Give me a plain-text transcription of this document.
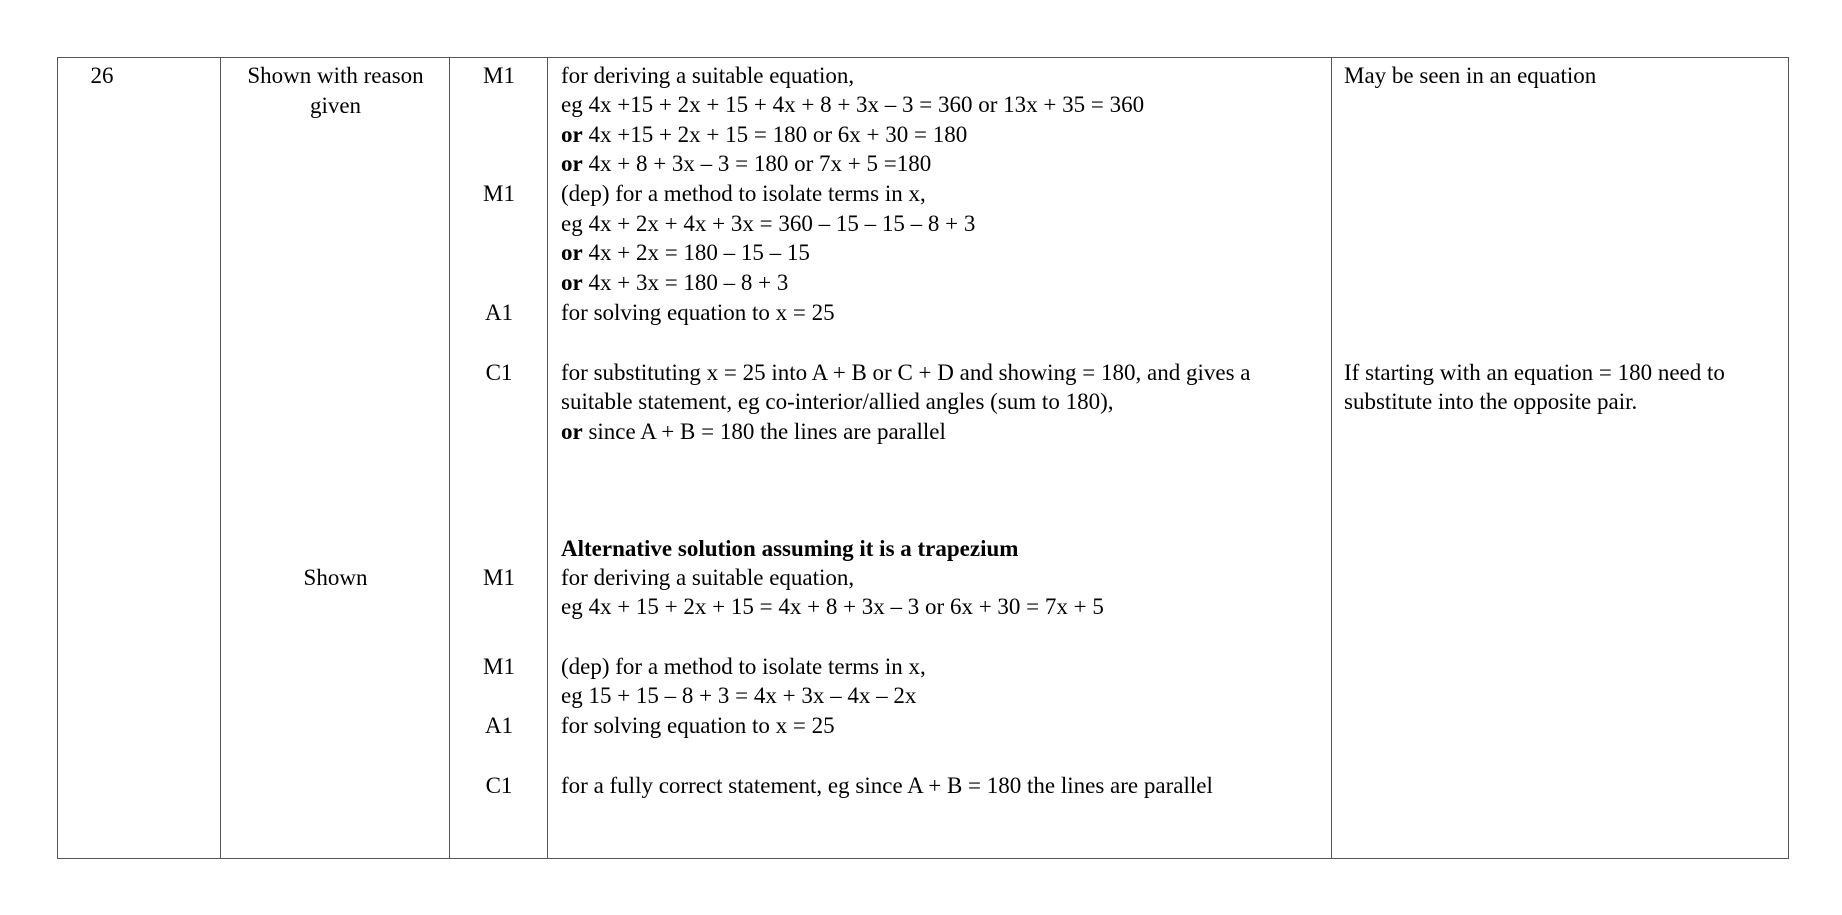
26	Shown with reason given
Shown
M1
M1
A1
C1
M1
M1
A1
C1
for deriving a suitable equation,
eg 4x +15 + 2x + 15 + 4x + 8 + 3x – 3 = 360 or 13x + 35 = 360
or 4x +15 + 2x + 15 = 180 or 6x + 30 = 180
or 4x + 8 + 3x – 3 = 180 or 7x + 5 =180
(dep) for a method to isolate terms in x,
eg 4x + 2x + 4x + 3x = 360 – 15 – 15 – 8 + 3
or 4x + 2x = 180 – 15 – 15
or 4x + 3x = 180 – 8 + 3
for solving equation to x = 25
for substituting x = 25 into A + B or C + D and showing = 180, and gives a
suitable statement, eg co-interior/allied angles (sum to 180),
or since A + B = 180 the lines are parallel
Alternative solution assuming it is a trapezium
for deriving a suitable equation,
eg 4x + 15 + 2x + 15 = 4x + 8 + 3x – 3 or 6x + 30 = 7x + 5
(dep) for a method to isolate terms in x,
eg 15 + 15 – 8 + 3 = 4x + 3x – 4x – 2x
for solving equation to x = 25
for a fully correct statement, eg since A + B = 180 the lines are parallel
May be seen in an equation
If starting with an equation = 180 need to
substitute into the opposite pair.
